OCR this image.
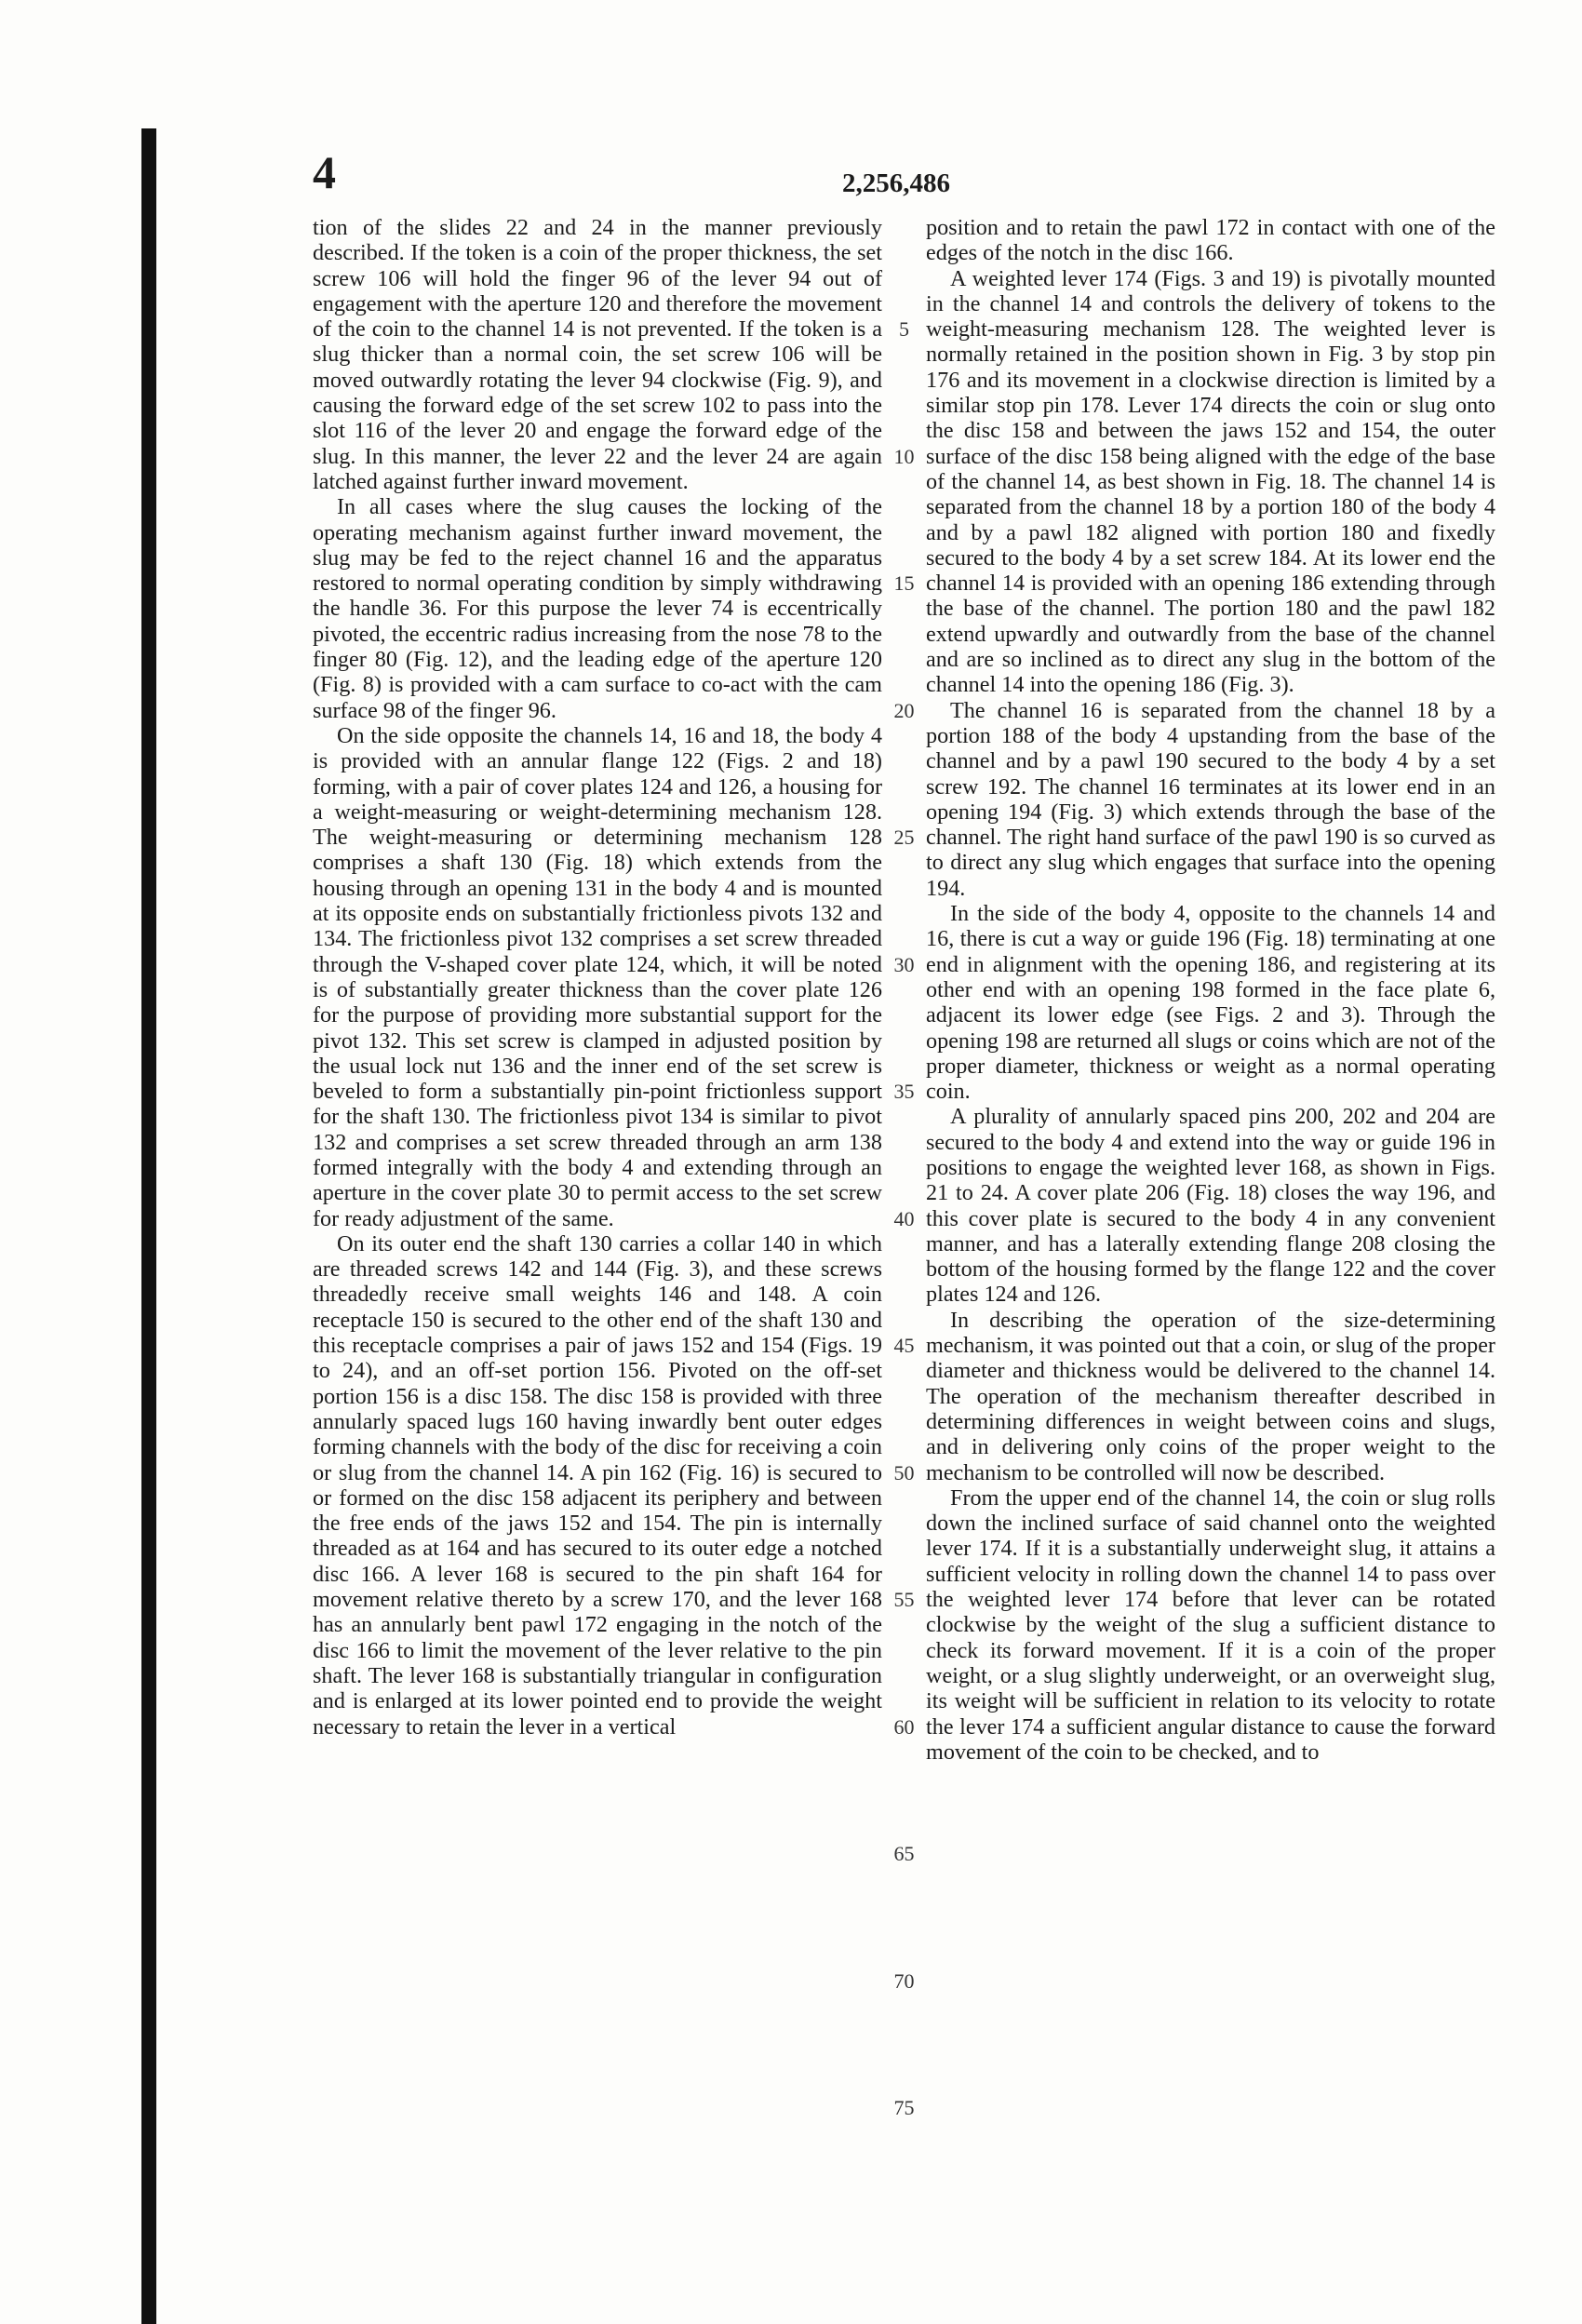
4	2,256,486

tion of the slides 22 and 24 in the manner previously described. If the token is a coin of the proper thickness, the set screw 106 will hold the finger 96 of the lever 94 out of engagement with the aperture 120 and therefore the movement of the coin to the channel 14 is not prevented. If the token is a slug thicker than a normal coin, the set screw 106 will be moved outwardly rotating the lever 94 clockwise (Fig. 9), and causing the forward edge of the set screw 102 to pass into the slot 116 of the lever 20 and engage the forward edge of the slug. In this manner, the lever 22 and the lever 24 are again latched against further inward movement.

In all cases where the slug causes the locking of the operating mechanism against further inward movement, the slug may be fed to the reject channel 16 and the apparatus restored to normal operating condition by simply withdrawing the handle 36. For this purpose the lever 74 is eccentrically pivoted, the eccentric radius increasing from the nose 78 to the finger 80 (Fig. 12), and the leading edge of the aperture 120 (Fig. 8) is provided with a cam surface to co-act with the cam surface 98 of the finger 96.

On the side opposite the channels 14, 16 and 18, the body 4 is provided with an annular flange 122 (Figs. 2 and 18) forming, with a pair of cover plates 124 and 126, a housing for a weight-measuring or weight-determining mechanism 128. The weight-measuring or determining mechanism 128 comprises a shaft 130 (Fig. 18) which extends from the housing through an opening 131 in the body 4 and is mounted at its opposite ends on substantially frictionless pivots 132 and 134. The frictionless pivot 132 comprises a set screw threaded through the V-shaped cover plate 124, which, it will be noted is of substantially greater thickness than the cover plate 126 for the purpose of providing more substantial support for the pivot 132. This set screw is clamped in adjusted position by the usual lock nut 136 and the inner end of the set screw is beveled to form a substantially pin-point frictionless support for the shaft 130. The frictionless pivot 134 is similar to pivot 132 and comprises a set screw threaded through an arm 138 formed integrally with the body 4 and extending through an aperture in the cover plate 30 to permit access to the set screw for ready adjustment of the same.

On its outer end the shaft 130 carries a collar 140 in which are threaded screws 142 and 144 (Fig. 3), and these screws threadedly receive small weights 146 and 148. A coin receptacle 150 is secured to the other end of the shaft 130 and this receptacle comprises a pair of jaws 152 and 154 (Figs. 19 to 24), and an off-set portion 156. Pivoted on the off-set portion 156 is a disc 158. The disc 158 is provided with three annularly spaced lugs 160 having inwardly bent outer edges forming channels with the body of the disc for receiving a coin or slug from the channel 14. A pin 162 (Fig. 16) is secured to or formed on the disc 158 adjacent its periphery and between the free ends of the jaws 152 and 154. The pin is internally threaded as at 164 and has secured to its outer edge a notched disc 166. A lever 168 is secured to the pin shaft 164 for movement relative thereto by a screw 170, and the lever 168 has an annularly bent pawl 172 engaging in the notch of the disc 166 to limit the movement of the lever relative to the pin shaft. The lever 168 is substantially triangular in configuration and is enlarged at its lower pointed end to provide the weight necessary to retain the lever in a vertical

5
10
15
20
25
30
35
40
45
50
55
60
65
70
75

position and to retain the pawl 172 in contact with one of the edges of the notch in the disc 166.

A weighted lever 174 (Figs. 3 and 19) is pivotally mounted in the channel 14 and controls the delivery of tokens to the weight-measuring mechanism 128. The weighted lever is normally retained in the position shown in Fig. 3 by stop pin 176 and its movement in a clockwise direction is limited by a similar stop pin 178. Lever 174 directs the coin or slug onto the disc 158 and between the jaws 152 and 154, the outer surface of the disc 158 being aligned with the edge of the base of the channel 14, as best shown in Fig. 18. The channel 14 is separated from the channel 18 by a portion 180 of the body 4 and by a pawl 182 aligned with portion 180 and fixedly secured to the body 4 by a set screw 184. At its lower end the channel 14 is provided with an opening 186 extending through the base of the channel. The portion 180 and the pawl 182 extend upwardly and outwardly from the base of the channel and are so inclined as to direct any slug in the bottom of the channel 14 into the opening 186 (Fig. 3).

The channel 16 is separated from the channel 18 by a portion 188 of the body 4 upstanding from the base of the channel and by a pawl 190 secured to the body 4 by a set screw 192. The channel 16 terminates at its lower end in an opening 194 (Fig. 3) which extends through the base of the channel. The right hand surface of the pawl 190 is so curved as to direct any slug which engages that surface into the opening 194.

In the side of the body 4, opposite to the channels 14 and 16, there is cut a way or guide 196 (Fig. 18) terminating at one end in alignment with the opening 186, and registering at its other end with an opening 198 formed in the face plate 6, adjacent its lower edge (see Figs. 2 and 3). Through the opening 198 are returned all slugs or coins which are not of the proper diameter, thickness or weight as a normal operating coin.

A plurality of annularly spaced pins 200, 202 and 204 are secured to the body 4 and extend into the way or guide 196 in positions to engage the weighted lever 168, as shown in Figs. 21 to 24. A cover plate 206 (Fig. 18) closes the way 196, and this cover plate is secured to the body 4 in any convenient manner, and has a laterally extending flange 208 closing the bottom of the housing formed by the flange 122 and the cover plates 124 and 126.

In describing the operation of the size-determining mechanism, it was pointed out that a coin, or slug of the proper diameter and thickness would be delivered to the channel 14. The operation of the mechanism thereafter described in determining differences in weight between coins and slugs, and in delivering only coins of the proper weight to the mechanism to be controlled will now be described.

From the upper end of the channel 14, the coin or slug rolls down the inclined surface of said channel onto the weighted lever 174. If it is a substantially underweight slug, it attains a sufficient velocity in rolling down the channel 14 to pass over the weighted lever 174 before that lever can be rotated clockwise by the weight of the slug a sufficient distance to check its forward movement. If it is a coin of the proper weight, or a slug slightly underweight, or an overweight slug, its weight will be sufficient in relation to its velocity to rotate the lever 174 a sufficient angular distance to cause the forward movement of the coin to be checked, and to
